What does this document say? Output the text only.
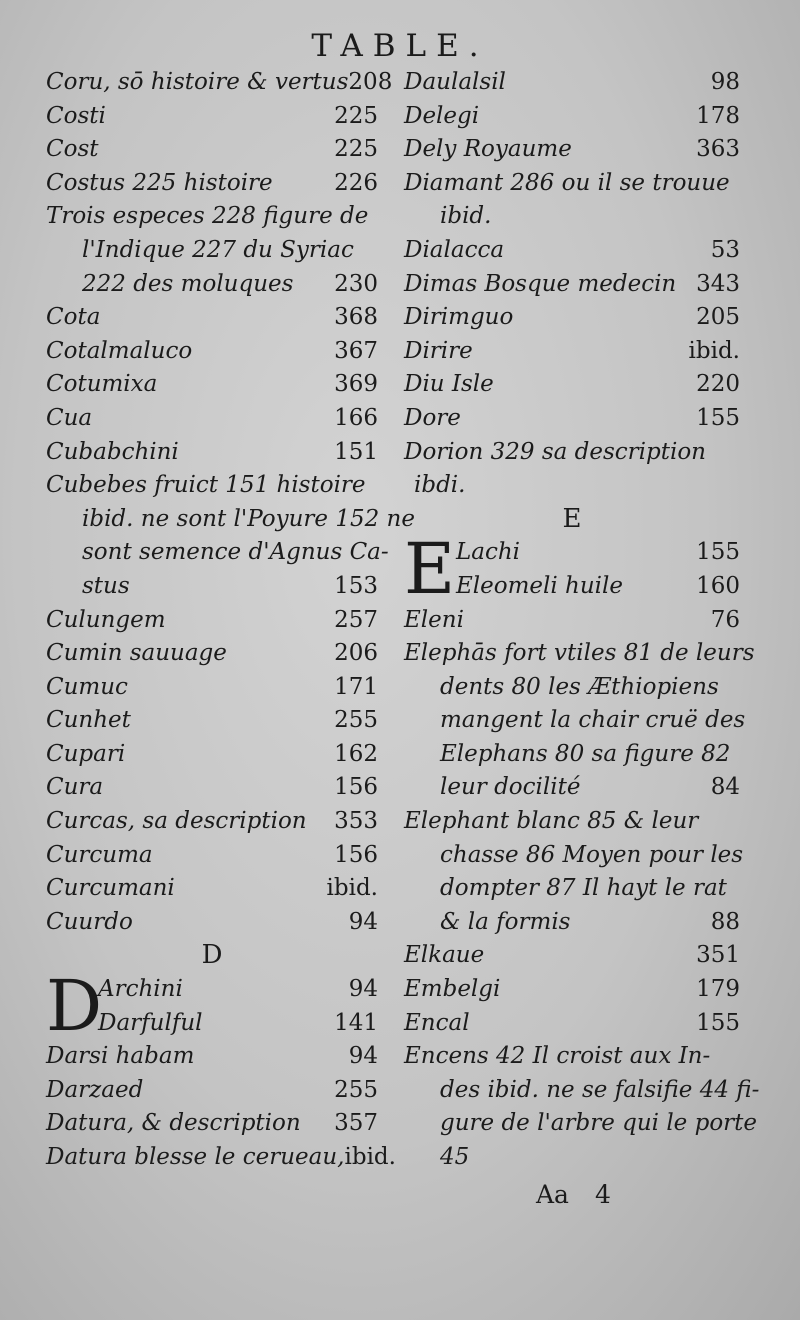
TABLE.
Coru, sō histoire & vertus 208
Costi	225
Cost	225
Costus 225 histoire	226
Trois especes 228 figure de
l'Indique 227 du Syriac
222 des moluques 230
Cota	368
Cotalmaluco	367
Cotumixa	369
Cua	166
Cubabchini	151
Cubebes fruict 151 histoire
ibid. ne sont l'Poyure 152 ne
sont semence d'Agnus Ca-
stus	153
Culungem	257
Cumin sauuage	206
Cumuc	171
Cunhet	255
Cupari	162
Cura	156
Curcas, sa description 353
Curcuma	156
Curcumani	ibid.
Cuurdo	94
D
D
Archini	94
Darfulful	141
Darsi habam	94
Darzaed	255
Datura, & description 357
Datura blesse le cerueau, ibid.
Daulalsil	98
Delegi	178
Dely Royaume	363
Diamant 286 ou il se trouue
ibid.
Dialacca	53
Dimas Bosque medecin 343
Dirimguo	205
Dirire	ibid.
Diu Isle	220
Dore	155
Dorion 329 sa description
ibdi.
E
E Lachi	155
Eleomeli huile	160
Eleni	76
Elephās fort vtiles 81 de leurs
dents 80 les Æthiopiens
mangent la chair cruë des
Elephans 80 sa figure 82
leur docilité	84
Elephant blanc 85 & leur
chasse 86 Moyen pour les
dompter 87 Il hayt le rat
& la formis	88
Elkaue	351
Embelgi	179
Encal	155
Encens 42 Il croist aux In-
des ibid. ne se falsifie 44 fi-
gure de l'arbre qui le porte
45
Aa 4
